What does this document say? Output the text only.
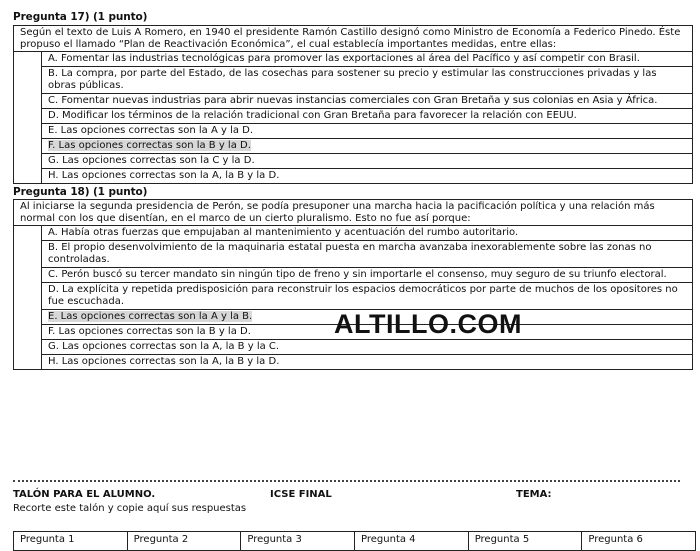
Pregunta 17) (1 punto)
Según el texto de Luis A Romero, en 1940 el presidente Ramón Castillo designó como Ministro de Economía a Federico Pinedo. Éste propuso el llamado “Plan de Reactivación Económica”, el cual establecía importantes medidas, entre ellas:
A. Fomentar las industrias tecnológicas para promover las exportaciones al área del Pacífico y así competir con Brasil.
B. La compra, por parte del Estado, de las cosechas para sostener su precio y estimular las construcciones privadas y las obras públicas.
C. Fomentar nuevas industrias para abrir nuevas instancias comerciales con Gran Bretaña y sus colonias en Asia y África.
D. Modificar los términos de la relación tradicional con Gran Bretaña para favorecer la relación con EEUU.
E. Las opciones correctas son la A y la D.
F. Las opciones correctas son la B y la D.
G. Las opciones correctas son la C y la D.
H. Las opciones correctas son la A, la B y la D.
Pregunta 18) (1 punto)
Al iniciarse la segunda presidencia de Perón, se podía presuponer una marcha hacia la pacificación política y una relación más normal con los que disentían, en el marco de un cierto pluralismo. Esto no fue así porque:
A. Había otras fuerzas que empujaban al mantenimiento y acentuación del rumbo autoritario.
B. El propio desenvolvimiento de la maquinaria estatal puesta en marcha avanzaba inexorablemente sobre las zonas no controladas.
C. Perón buscó su tercer mandato sin ningún tipo de freno y sin importarle el consenso, muy seguro de su triunfo electoral.
D. La explícita y repetida predisposición para reconstruir los espacios democráticos por parte de muchos de los opositores no fue escuchada.
E. Las opciones correctas son la A y la B.
F. Las opciones correctas son la B y la D.
G. Las opciones correctas son la A, la B y la C.
H. Las opciones correctas son la A, la B y la D.
ALTILLO.COM
TALÓN PARA EL ALUMNO.	ICSE FINAL	TEMA:
Recorte este talón y copie aquí sus respuestas
Pregunta 1	Pregunta 2	Pregunta 3	Pregunta 4	Pregunta 5	Pregunta 6
